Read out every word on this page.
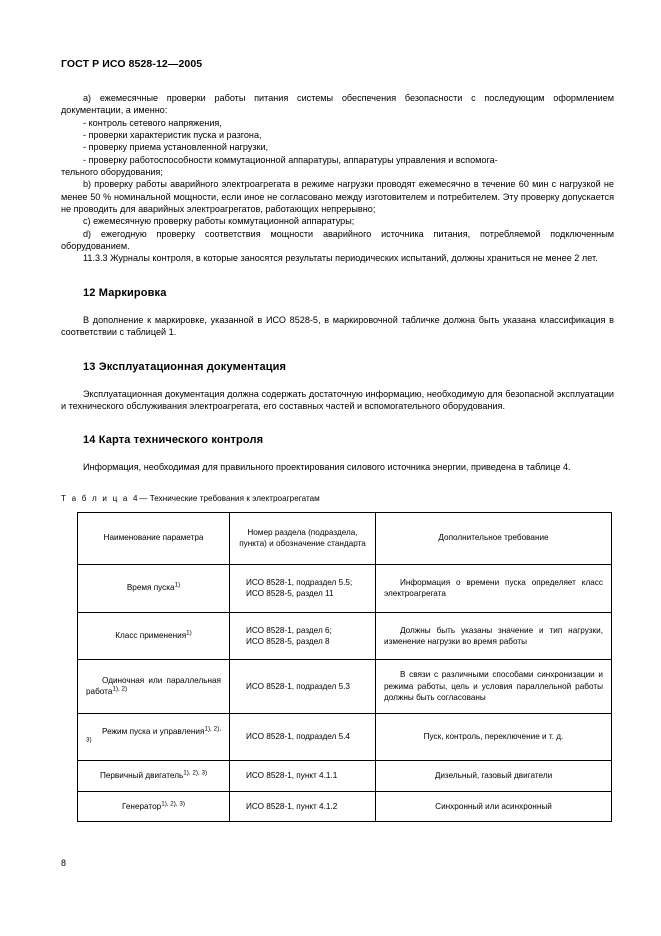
ГОСТ Р ИСО 8528-12—2005

а) ежемесячные проверки работы питания системы обеспечения безопасности с последующим оформлением документации, а именно:

- контроль сетевого напряжения,

- проверки характеристик пуска и разгона,

- проверку приема установленной нагрузки,

- проверку работоспособности коммутационной аппаратуры, аппаратуры управления и вспомога-

тельного оборудования;

b) проверку работы аварийного электроагрегата в режиме нагрузки проводят ежемесячно в течение 60 мин с нагрузкой не менее 50 % номинальной мощности, если иное не согласовано между изготовителем и потребителем. Эту проверку допускается не проводить для аварийных электроагрегатов, работающих непрерывно;

c) ежемесячную проверку работы коммутационной аппаратуры;

d) ежегодную проверку соответствия мощности аварийного источника питания, потребляемой подключенным оборудованием.

11.3.3 Журналы контроля, в которые заносятся результаты периодических испытаний, должны храниться не менее 2 лет.

12 Маркировка

В дополнение к маркировке, указанной в ИСО 8528-5, в маркировочной табличке должна быть указана классификация в соответствии с таблицей 1.

13 Эксплуатационная документация

Эксплуатационная документация должна содержать достаточную информацию, необходимую для безопасной эксплуатации и технического обслуживания электроагрегата, его составных частей и вспомогательного оборудования.

14 Карта технического контроля

Информация, необходимая для правильного проектирования силового источника энергии, приведена в таблице 4.

Т а б л и ц а 4— Технические требования к электроагрегатам

Наименование параметра	Номер раздела (подраздела,
пункта) и обозначение стандарта	Дополнительное требование

Время пуска$^{1)}$	ИСО 8528-1, подраздел 5.5;
ИСО 8528-5, раздел 11	Информация о времени пуска определяет класс электроагрегата

Класс применения$^{1)}$	ИСО 8528-1, раздел 6;
ИСО 8528-5, раздел 8	Должны быть указаны значение и тип нагрузки, изменение нагрузки во время работы

Одиночная или параллельная работа$^{1), 2)}$	ИСО 8528-1, подраздел 5.3	В связи с различными способами синхронизации и режима работы, цель и условия параллельной работы должны быть согласованы

Режим пуска и управления$^{1), 2), 3)}$	ИСО 8528-1, подраздел 5.4	Пуск, контроль, переключение и т. д.

Первичный двигатель$^{1), 2), 3)}$	ИСО 8528-1, пункт 4.1.1	Дизельный, газовый двигатели

Генератор$^{1), 2), 3)}$	ИСО 8528-1, пункт 4.1.2	Синхронный или асинхронный
8
